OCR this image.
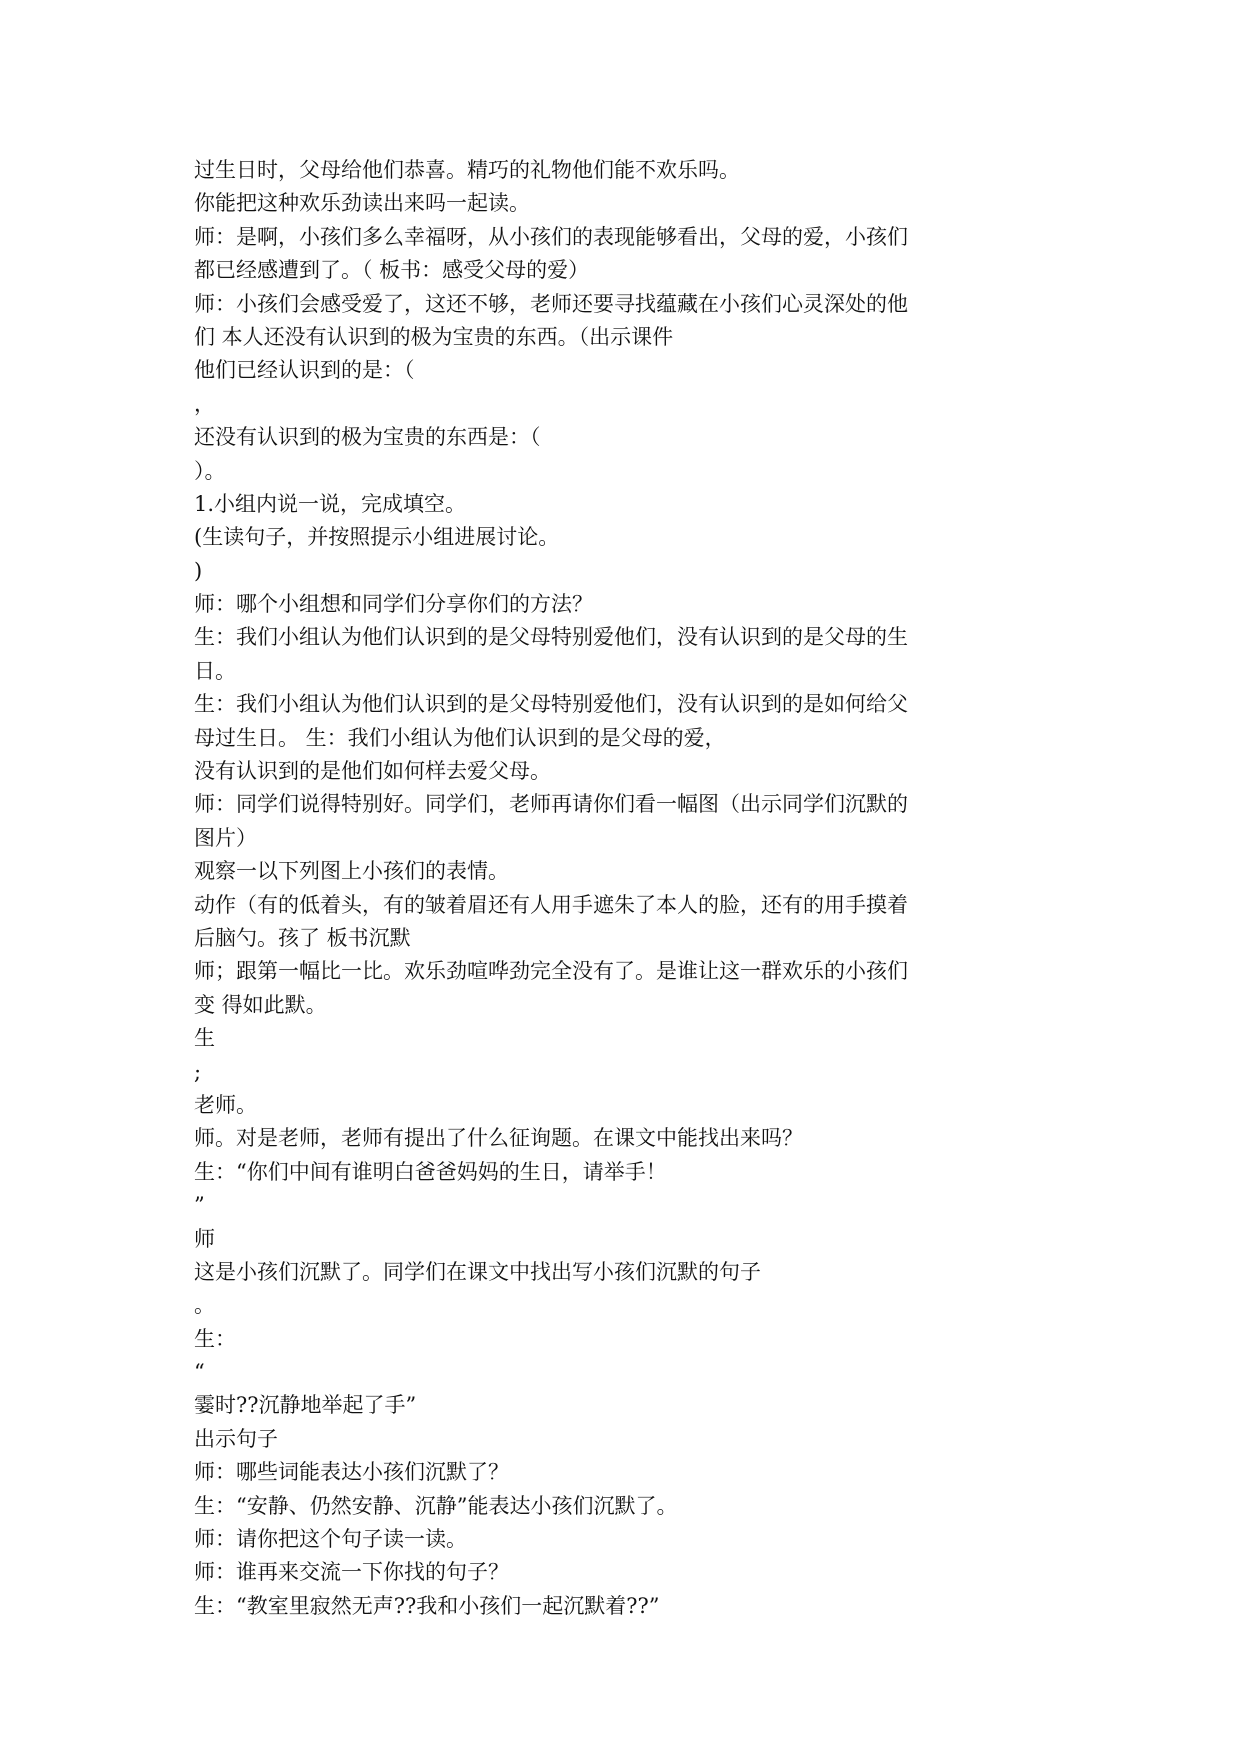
过生日时，父母给他们恭喜。精巧的礼物他们能不欢乐吗。
你能把这种欢乐劲读出来吗一起读。
师：是啊，小孩们多么幸福呀，从小孩们的表现能够看出，父母的爱，小孩们
都已经感遭到了。（ 板书：感受父母的爱）
师：小孩们会感受爱了，这还不够，老师还要寻找蕴藏在小孩们心灵深处的他
们 本人还没有认识到的极为宝贵的东西。（出示课件
他们已经认识到的是：（
，
还没有认识到的极为宝贵的东西是：（
）。
1.小组内说一说，完成填空。
(生读句子，并按照提示小组进展讨论。
)
师：哪个小组想和同学们分享你们的方法？
生：我们小组认为他们认识到的是父母特别爱他们，没有认识到的是父母的生
日。
生：我们小组认为他们认识到的是父母特别爱他们，没有认识到的是如何给父
母过生日。 生：我们小组认为他们认识到的是父母的爱，
没有认识到的是他们如何样去爱父母。
师：同学们说得特别好。同学们，老师再请你们看一幅图（出示同学们沉默的
图片）
观察一以下列图上小孩们的表情。
动作（有的低着头，有的皱着眉还有人用手遮朱了本人的脸，还有的用手摸着
后脑勺。孩了 板书沉默
师；跟第一幅比一比。欢乐劲喧哗劲完全没有了。是谁让这一群欢乐的小孩们
变 得如此默。
生
;
老师。
师。对是老师，老师有提出了什么征询题。在课文中能找出来吗？
生：“你们中间有谁明白爸爸妈妈的生日，请举手！
”
师
这是小孩们沉默了。同学们在课文中找出写小孩们沉默的句子
。
生：
“
霎时??沉静地举起了手”
出示句子
师：哪些词能表达小孩们沉默了？
生：“安静、仍然安静、沉静”能表达小孩们沉默了。
师：请你把这个句子读一读。
师：谁再来交流一下你找的句子？
生：“教室里寂然无声??我和小孩们一起沉默着??”
